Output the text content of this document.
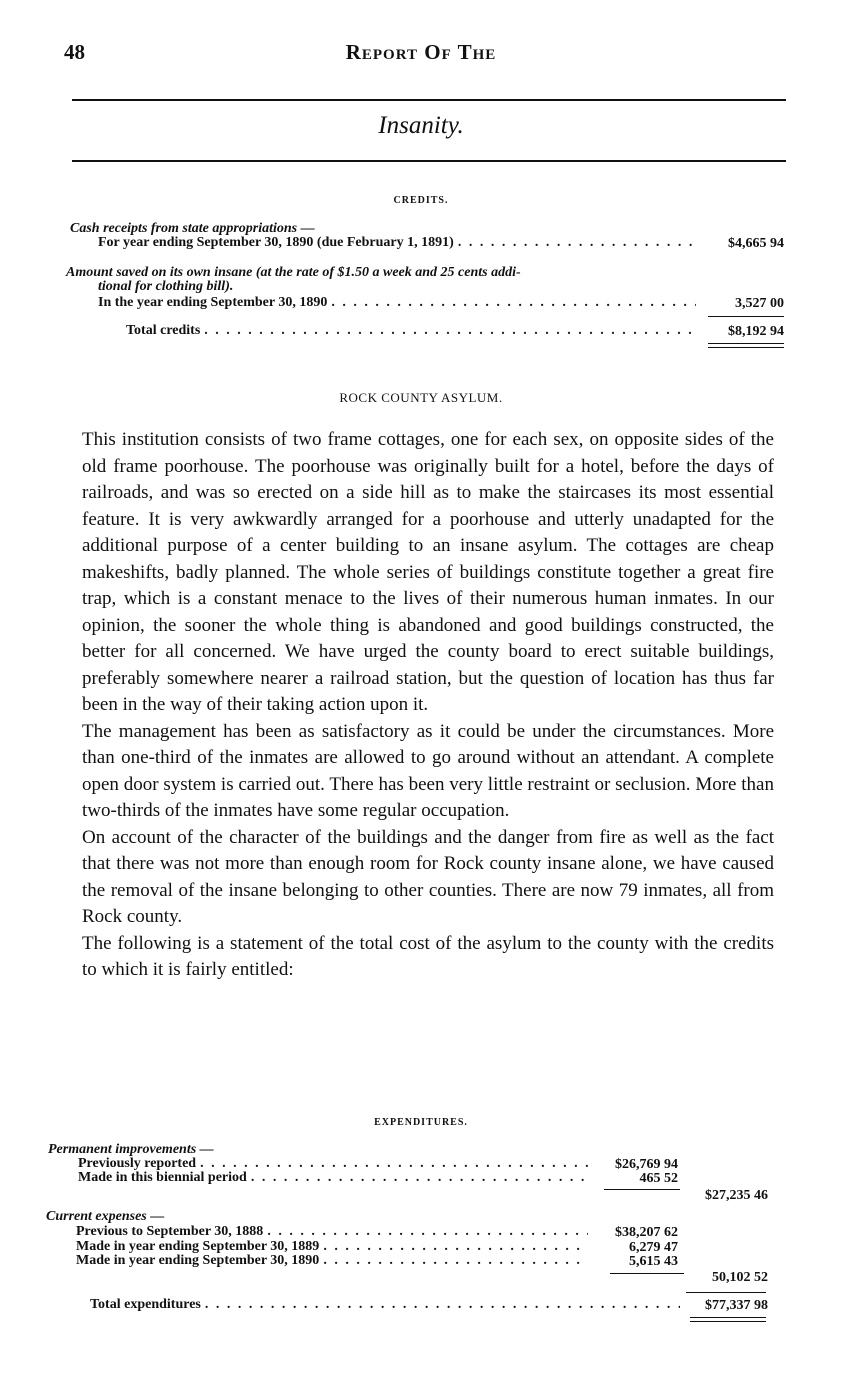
48	Report Of The
Insanity.
CREDITS.
Cash receipts from state appropriations —
For year ending September 30, 1890 (due February 1, 1891) . . .	$4,665 94
Amount saved on its own insane (at the rate of $1.50 a week and 25 cents addi-
tional for clothing bill).
In the year ending September 30, 1890 . . .	3,527 00
Total credits . . .	$8,192 94
ROCK COUNTY ASYLUM.

This institution consists of two frame cottages, one for each sex, on opposite sides of the old frame poorhouse. The poorhouse was originally built for a hotel, before the days of railroads, and was so erected on a side hill as to make the staircases its most essential feature. It is very awkwardly arranged for a poorhouse and utterly unadapted for the additional purpose of a center building to an insane asylum. The cottages are cheap makeshifts, badly planned. The whole series of buildings constitute together a great fire trap, which is a constant menace to the lives of their numerous human inmates. In our opinion, the sooner the whole thing is abandoned and good buildings constructed, the better for all concerned. We have urged the county board to erect suitable buildings, preferably somewhere nearer a railroad station, but the question of location has thus far been in the way of their taking action upon it.

The management has been as satisfactory as it could be under the circumstances. More than one-third of the inmates are allowed to go around without an attendant. A complete open door system is carried out. There has been very little restraint or seclusion. More than two-thirds of the inmates have some regular occupation.

On account of the character of the buildings and the danger from fire as well as the fact that there was not more than enough room for Rock county insane alone, we have caused the removal of the insane belonging to other counties. There are now 79 inmates, all from Rock county.

The following is a statement of the total cost of the asylum to the county with the credits to which it is fairly entitled:

EXPENDITURES.
Permanent improvements —
Previously reported . . .	$26,769 94
Made in this biennial period . . .	465 52
$27,235 46
Current expenses —
Previous to September 30, 1888 . . .	$38,207 62
Made in year ending September 30, 1889 . . .	6,279 47
Made in year ending September 30, 1890 . . .	5,615 43
50,102 52
Total expenditures . . .	$77,337 98
